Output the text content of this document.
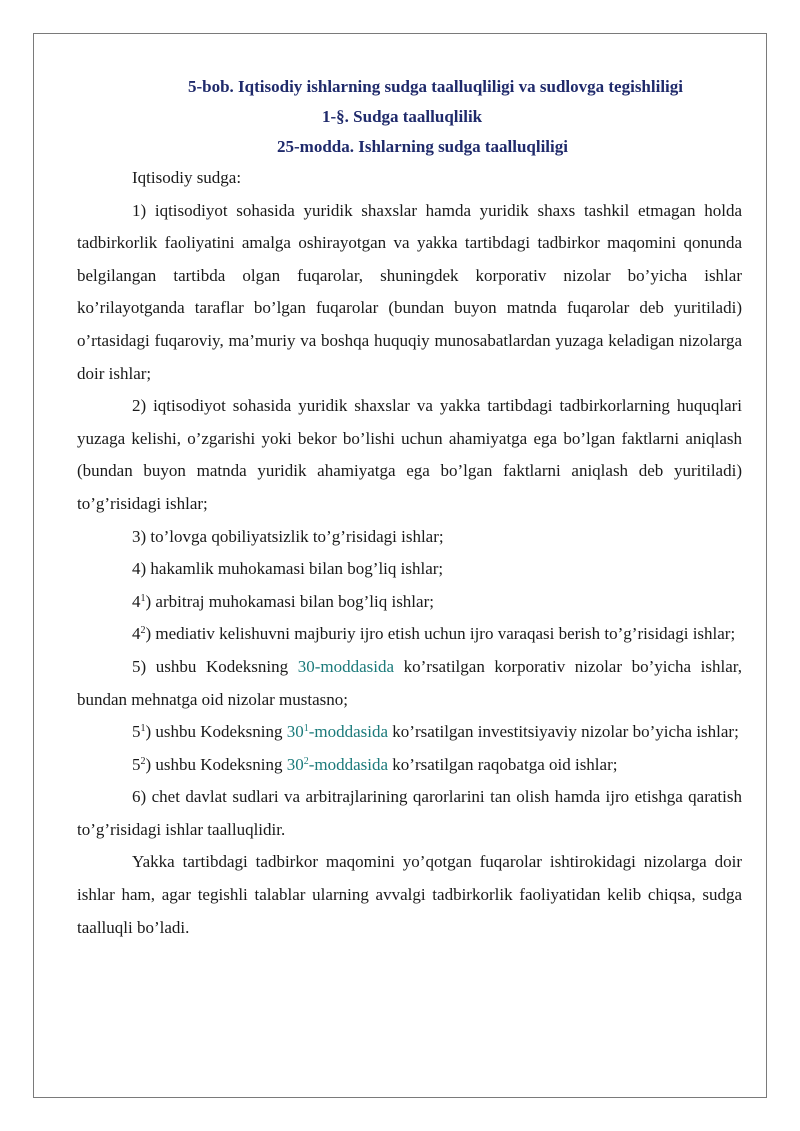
5-bob. Iqtisodiy ishlarning sudga taalluqliligi va sudlovga tegishliligi

1-§. Sudga taalluqlilik

25-modda. Ishlarning sudga taalluqliligi

Iqtisodiy sudga:

1) iqtisodiyot sohasida yuridik shaxslar hamda yuridik shaxs tashkil etmagan holda tadbirkorlik faoliyatini amalga oshirayotgan va yakka tartibdagi tadbirkor maqomini qonunda belgilangan tartibda olgan fuqarolar, shuningdek korporativ nizolar bo’yicha ishlar ko’rilayotganda taraflar bo’lgan fuqarolar (bundan buyon matnda fuqarolar deb yuritiladi) o’rtasidagi fuqaroviy, ma’muriy va boshqa huquqiy munosabatlardan yuzaga keladigan nizolarga doir ishlar;

2) iqtisodiyot sohasida yuridik shaxslar va yakka tartibdagi tadbirkorlarning huquqlari yuzaga kelishi, o’zgarishi yoki bekor bo’lishi uchun ahamiyatga ega bo’lgan faktlarni aniqlash (bundan buyon matnda yuridik ahamiyatga ega bo’lgan faktlarni aniqlash deb yuritiladi) to’g’risidagi ishlar;

3) to’lovga qobiliyatsizlik to’g’risidagi ishlar;

4) hakamlik muhokamasi bilan bog’liq ishlar;

$4^1$) arbitraj muhokamasi bilan bog’liq ishlar;

$4^2$) mediativ kelishuvni majburiy ijro etish uchun ijro varaqasi berish to’g’risidagi ishlar;

5) ushbu Kodeksning 30-moddasida ko’rsatilgan korporativ nizolar bo’yicha ishlar, bundan mehnatga oid nizolar mustasno;

$5^1$) ushbu Kodeksning $30^1$-moddasida ko’rsatilgan investitsiyaviy nizolar bo’yicha ishlar;

$5^2$) ushbu Kodeksning $30^2$-moddasida ko’rsatilgan raqobatga oid ishlar;

6) chet davlat sudlari va arbitrajlarining qarorlarini tan olish hamda ijro etishga qaratish to’g’risidagi ishlar taalluqlidir.

Yakka tartibdagi tadbirkor maqomini yo’qotgan fuqarolar ishtirokidagi nizolarga doir ishlar ham, agar tegishli talablar ularning avvalgi tadbirkorlik faoliyatidan kelib chiqsa, sudga taalluqli bo’ladi.
